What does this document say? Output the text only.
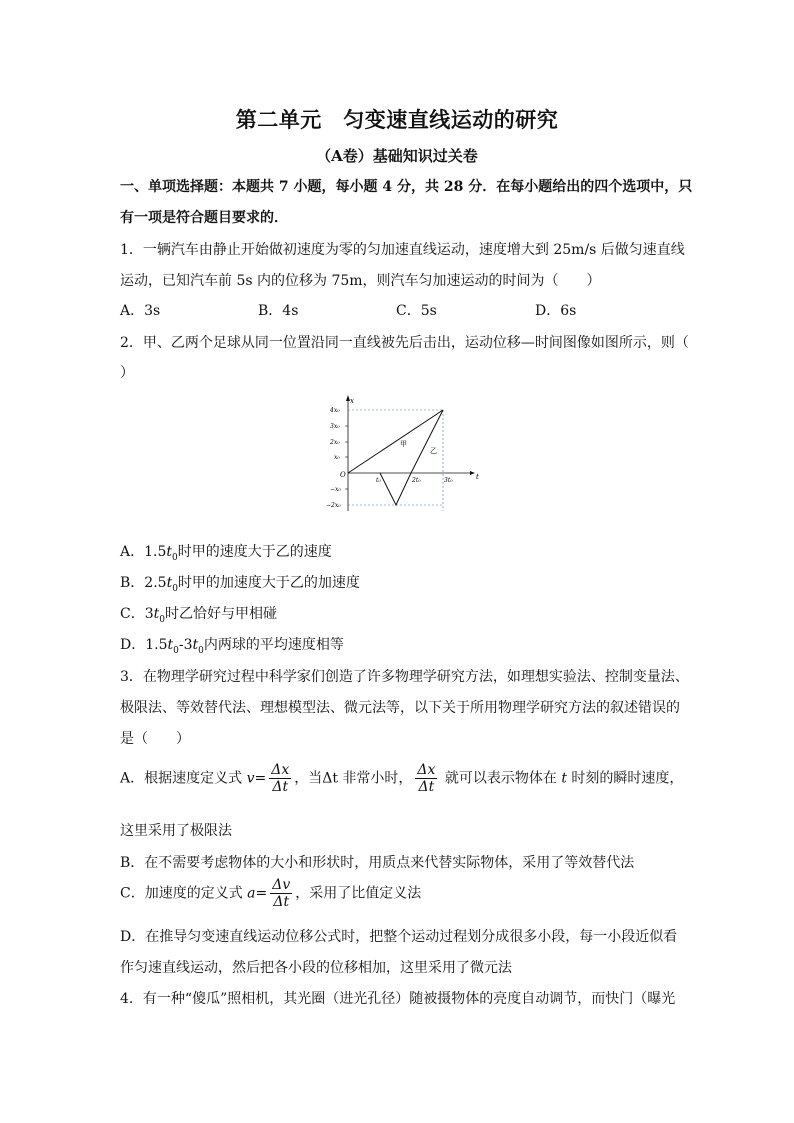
第二单元　匀变速直线运动的研究
（A卷）基础知识过关卷
一、单项选择题：本题共 7 小题，每小题 4 分，共 28 分．在每小题给出的四个选项中，只
有一项是符合题目要求的．
1．一辆汽车由静止开始做初速度为零的匀加速直线运动，速度增大到 25m/s 后做匀速直线
运动，已知汽车前 5s 内的位移为 75m，则汽车匀加速运动的时间为（　　）
A．3s	B．4s	C．5s	D．6s
2．甲、乙两个足球从同一位置沿同一直线被先后击出，运动位移—时间图像如图所示，则（
）
x
t
O
4x₀
3x₀
2x₀
x₀
−x₀
−2x₀
t₀	2t₀	3t₀
甲
乙
A．$1.5t_0$时甲的速度大于乙的速度
B．$2.5t_0$时甲的加速度大于乙的加速度
C．$3t_0$时乙恰好与甲相碰
D．$1.5t_0-3t_0$内两球的平均速度相等
3．在物理学研究过程中科学家们创造了许多物理学研究方法，如理想实验法、控制变量法、
极限法、等效替代法、理想模型法、微元法等，以下关于所用物理学研究方法的叙述错误的
是（　　）
A．根据速度定义式 $v= \frac{\Delta x}{\Delta t}$ ，当Δt 非常小时， $\frac{\Delta x}{\Delta t}$ 就可以表示物体在 t 时刻的瞬时速度，
这里采用了极限法
B．在不需要考虑物体的大小和形状时，用质点来代替实际物体，采用了等效替代法
C．加速度的定义式 $a= \frac{\Delta v}{\Delta t}$ ，采用了比值定义法
D．在推导匀变速直线运动位移公式时，把整个运动过程划分成很多小段，每一小段近似看
作匀速直线运动，然后把各小段的位移相加，这里采用了微元法
4．有一种“傻瓜”照相机，其光圈（进光孔径）随被摄物体的亮度自动调节，而快门（曝光
